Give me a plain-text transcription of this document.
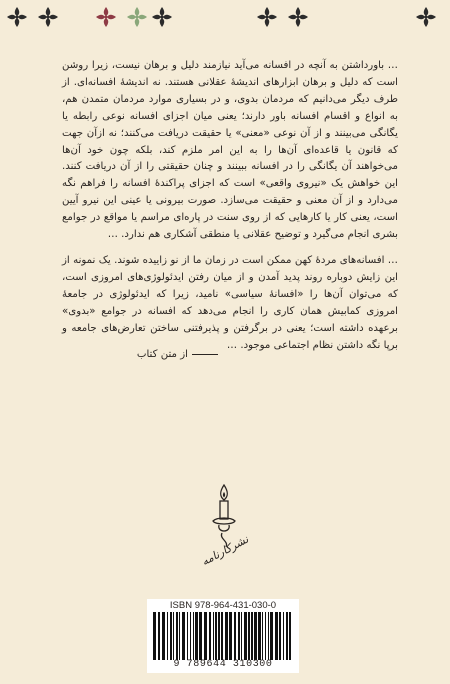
… باورداشتن به آنچه در افسانه می‌آید نیازمند دلیل و برهان نیست، زیرا روشن است که دلیل و برهان ابزارهای اندیشهٔ عقلانی هستند. نه اندیشهٔ افسانه‌ای. از طرف دیگر می‌دانیم که مردمان بدوی، و در بسیاری موارد مردمان متمدن هم، به انواع و اقسام افسانه باور دارند؛ یعنی میان اجزای افسانه نوعی رابطه یا یگانگی می‌بینند و از آن نوعی «معنی» یا حقیقت دریافت می‌کنند؛ نه ازآن جهت که قانون یا قاعده‌ای آن‌ها را به این امر ملزم کند، بلکه چون خود آن‌ها می‌خواهند آن یگانگی را در افسانه ببینند و چنان حقیقتی را از آن دریافت کنند. این خواهش یک «نیروی واقعی» است که اجزای پراکندهٔ افسانه را فراهم نگه می‌دارد و از آن معنی و حقیقت می‌سازد. صورت بیرونی یا عینی این نیرو آیین است، یعنی کار یا کارهایی که از روی سنت در پاره‌ای مراسم یا مواقع در جوامع بشری انجام می‌گیرد و توضیح عقلانی یا منطقی آشکاری هم ندارد. …

… افسانه‌های مردهٔ کهن ممکن است در زمان ما از نو زاییده شوند. یک نمونه از این زایش دوباره روند پدید آمدن و از میان رفتن ایدئولوژی‌های امروزی است، که می‌توان آن‌ها را «افسانهٔ سیاسی» نامید، زیرا که ایدئولوژی در جامعهٔ امروزی کمابیش همان کاری را انجام می‌دهد که افسانه در جوامع «بدوی» برعهده داشته است؛ یعنی در برگرفتن و پذیرفتنی ساختن تعارض‌های جامعه و برپا نگه داشتن نظام اجتماعی موجود. …

از متن کتاب
نشرکارنامه
ISBN 978-964-431-030-0
9 789644 310300
